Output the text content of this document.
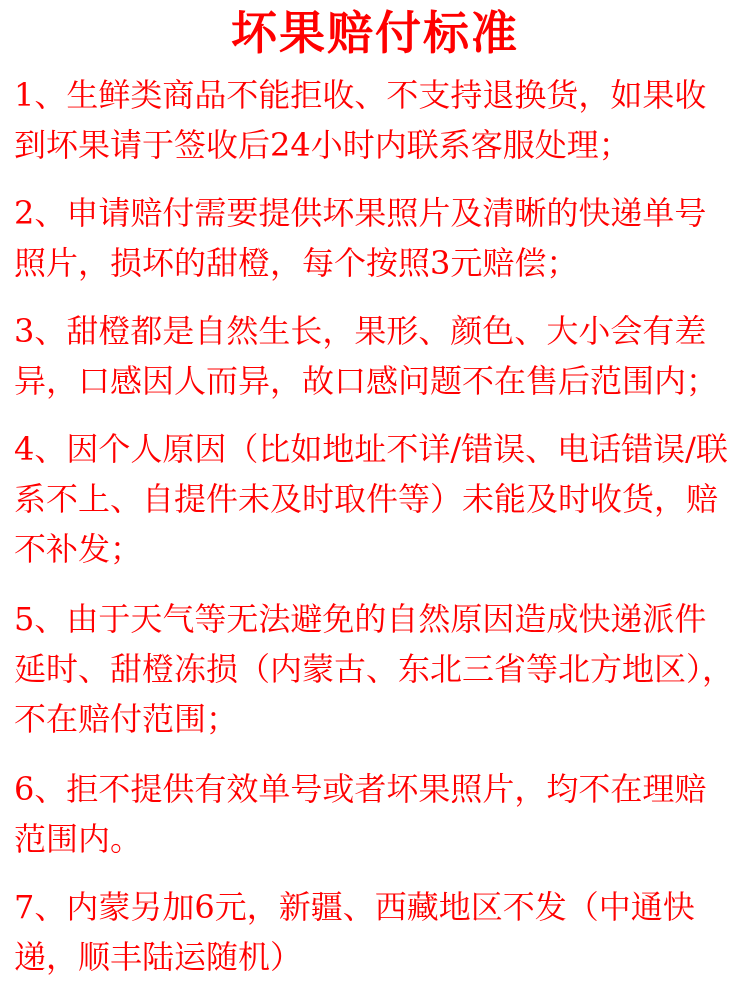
坏果赔付标准

1、生鲜类商品不能拒收、不支持退换货，如果收到坏果请于签收后24小时内联系客服处理；

2、申请赔付需要提供坏果照片及清晰的快递单号照片，损坏的甜橙，每个按照3元赔偿；

3、甜橙都是自然生长，果形、颜色、大小会有差异，口感因人而异，故口感问题不在售后范围内；

4、因个人原因（比如地址不详/错误、电话错误/联系不上、自提件未及时取件等）未能及时收货，赔不补发；

5、由于天气等无法避免的自然原因造成快递派件延时、甜橙冻损（内蒙古、东北三省等北方地区），不在赔付范围；

6、拒不提供有效单号或者坏果照片，均不在理赔范围内。

7、内蒙另加6元，新疆、西藏地区不发（中通快递，顺丰陆运随机）
